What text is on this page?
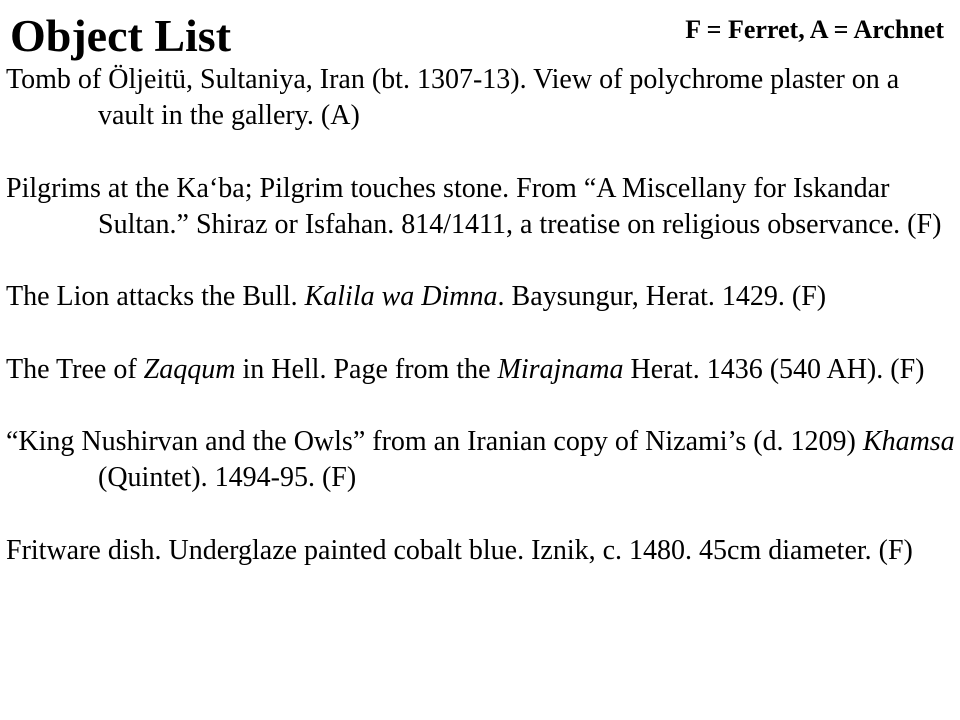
Object List	F = Ferret, A = Archnet

Tomb of Öljeitü, Sultaniya, Iran (bt. 1307-13). View of polychrome plaster on a vault in the gallery. (A)

Pilgrims at the Ka‘ba; Pilgrim touches stone. From “A Miscellany for Iskandar Sultan.” Shiraz or Isfahan. 814/1411, a treatise on religious observance. (F)

The Lion attacks the Bull. Kalila wa Dimna. Baysungur, Herat. 1429. (F)

The Tree of Zaqqum in Hell. Page from the Mirajnama Herat. 1436 (540 AH). (F)

“King Nushirvan and the Owls” from an Iranian copy of Nizami’s (d. 1209) Khamsa (Quintet). 1494-95. (F)

Fritware dish. Underglaze painted cobalt blue. Iznik, c. 1480. 45cm diameter. (F)
